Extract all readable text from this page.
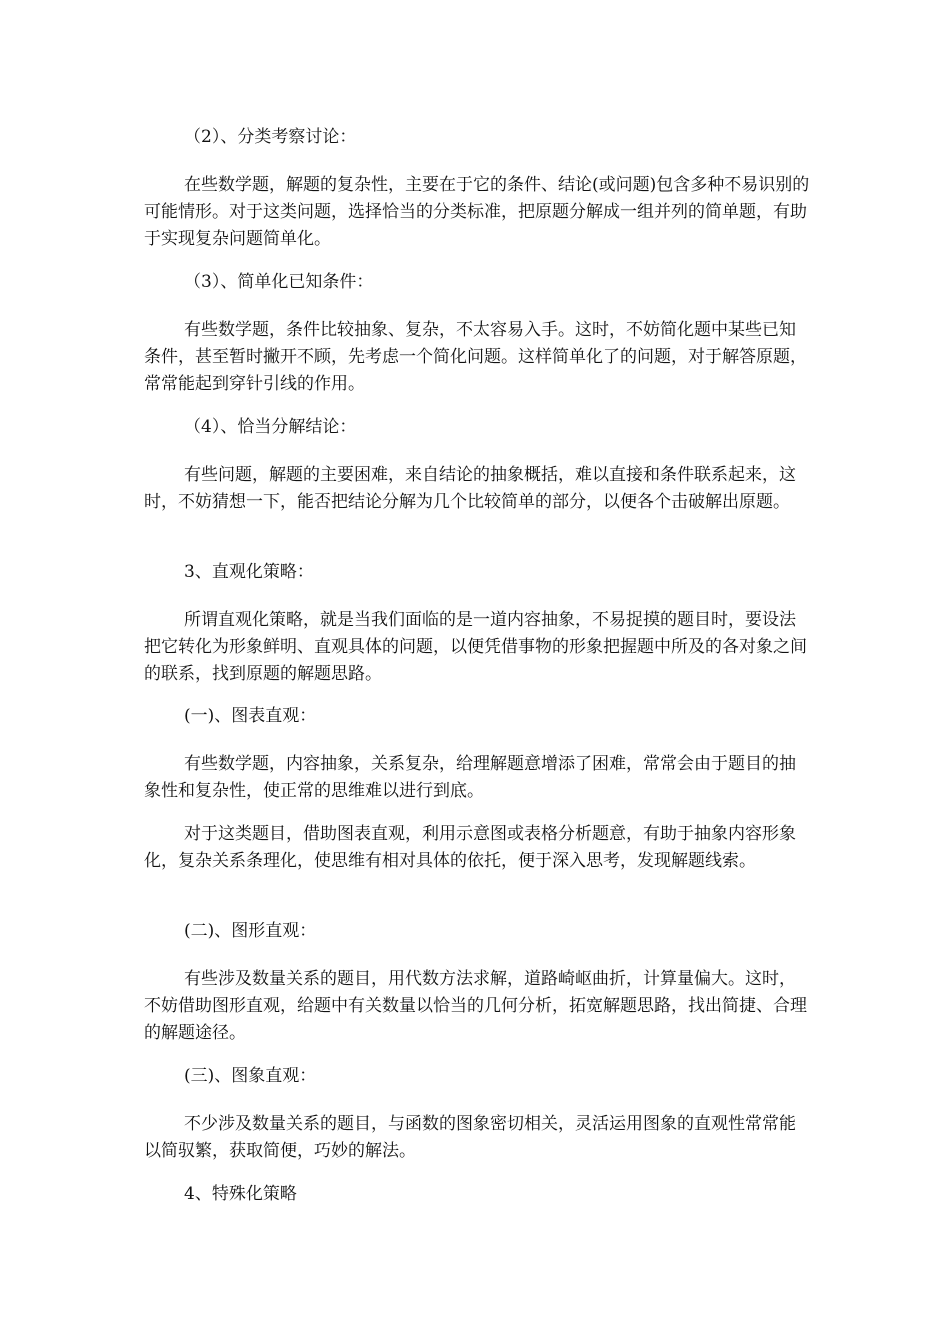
（2）、分类考察讨论：

在些数学题，解题的复杂性，主要在于它的条件、结论(或问题)包含多种不易识别的可能情形。对于这类问题，选择恰当的分类标准，把原题分解成一组并列的简单题，有助于实现复杂问题简单化。

（3）、简单化已知条件：

有些数学题，条件比较抽象、复杂，不太容易入手。这时，不妨简化题中某些已知条件，甚至暂时撇开不顾，先考虑一个简化问题。这样简单化了的问题，对于解答原题，常常能起到穿针引线的作用。

（4）、恰当分解结论：

有些问题，解题的主要困难，来自结论的抽象概括，难以直接和条件联系起来，这时，不妨猜想一下，能否把结论分解为几个比较简单的部分，以便各个击破解出原题。

3、直观化策略：

所谓直观化策略，就是当我们面临的是一道内容抽象，不易捉摸的题目时，要设法把它转化为形象鲜明、直观具体的问题，以便凭借事物的形象把握题中所及的各对象之间的联系，找到原题的解题思路。

(一)、图表直观：

有些数学题，内容抽象，关系复杂，给理解题意增添了困难，常常会由于题目的抽象性和复杂性，使正常的思维难以进行到底。

对于这类题目，借助图表直观，利用示意图或表格分析题意，有助于抽象内容形象化，复杂关系条理化，使思维有相对具体的依托，便于深入思考，发现解题线索。

(二)、图形直观：

有些涉及数量关系的题目，用代数方法求解，道路崎岖曲折，计算量偏大。这时，不妨借助图形直观，给题中有关数量以恰当的几何分析，拓宽解题思路，找出简捷、合理的解题途径。

(三)、图象直观：

不少涉及数量关系的题目，与函数的图象密切相关，灵活运用图象的直观性常常能以简驭繁，获取简便，巧妙的解法。

4、特殊化策略
